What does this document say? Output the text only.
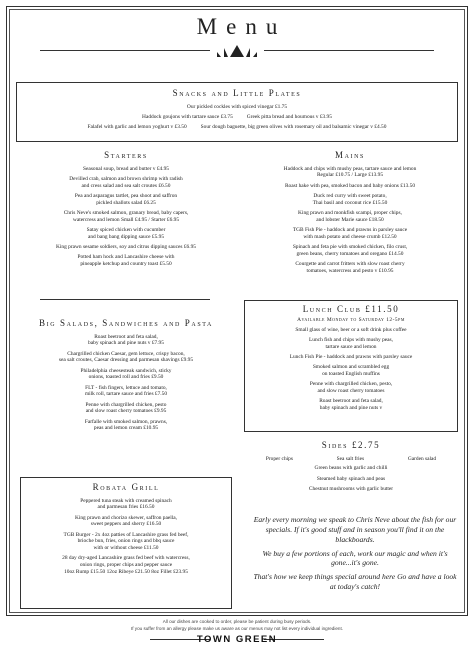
Menu
Snacks and Little Plates
Our pickled cockles with spiced vinegar £1.75
Haddock goujons with tartare sauce £3.75	Greek pitta bread and houmous v £3.95
Falafel with garlic and lemon yoghurt v £3.50	Sour dough baguette, big green olives with rosemary oil and balsamic vinegar v £4.50
Starters
Seasonal soup, bread and butter v £4.95
Devilled crab, salmon and brown shrimp with radish
and cress salad and sea salt croutes £6.50
Pea and asparagus tartlet, pea shoot and saffron
pickled shallots salad £6.25
Chris Neve's smoked salmon, granary bread, baby capers,
watercress and lemon Small £4.95 / Starter £6.95
Satay spiced chicken with cucumber
and bang bang dipping sauce £5.95
King prawn sesame soldiers, soy and citrus dipping sauces £6.95
Potted ham hock and Lancashire cheese with
pineapple ketchup and country toast £5.50
Big Salads, Sandwiches and Pasta
Roast beetroot and feta salad,
baby spinach and pine nuts v £7.95
Chargrilled chicken Caesar, gem lettuce, crispy bacon,
sea salt croutes, Caesar dressing and parmesan shavings £9.95
Philadelphia cheesesteak sandwich, sticky
onions, toasted roll and fries £9.50
FLT - fish fingers, lettuce and tomato,
milk roll, tartare sauce and fries £7.50
Penne with chargrilled chicken, pesto
and slow roast cherry tomatoes £9.95
Farfalle with smoked salmon, prawns,
peas and lemon cream £10.95
Robata Grill
Peppered tuna steak with creamed spinach
and parmesan fries £16.50
King prawn and chorizo skewer, saffron paella,
sweet peppers and sherry £16.50
TGB Burger - 2x 4oz patties of Lancashire grass fed beef,
brioche bun, fries, onion rings and bbq sauce
with or without cheese £11.50
28 day dry-aged Lancashire grass fed beef with watercress,
onion rings, proper chips and pepper sauce
10oz Rump £15.50 12oz Ribeye £21.50 8oz Fillet £23.95
Mains
Haddock and chips with mushy peas, tartare sauce and lemon
Regular £10.75 / Large £13.95
Roast hake with pea, smoked bacon and baby onions £13.50
Duck red curry with sweet potato,
Thai basil and coconut rice £15.50
King prawn and monkfish scampi, proper chips,
and lobster Marie sauce £18.50
TGB Fish Pie - haddock and prawns in parsley sauce
with mash potato and cheese crumb £12.50
Spinach and feta pie with smoked chicken, filo crust,
green beans, cherry tomatoes and oregano £14.50
Courgette and carrot fritters with slow roast cherry
tomatoes, watercress and pesto v £10.95
Lunch Club £11.50
Available Monday to Saturday 12-5pm
Small glass of wine, beer or a soft drink plus coffee
Lunch fish and chips with mushy peas,
tartare sauce and lemon
Lunch Fish Pie - haddock and prawns with parsley sauce
Smoked salmon and scrambled egg
on toasted English muffins
Penne with chargrilled chicken, pesto,
and slow roast cherry tomatoes
Roast beetroot and feta salad,
baby spinach and pine nuts v
Sides £2.75
Proper chips	Sea salt fries	Garden salad
Green beans with garlic and chilli
Steamed baby spinach and peas
Chestnut mushrooms with garlic butter

Early every morning we speak to Chris Neve about the fish for our specials. If it's good stuff and in season you'll find it on the blackboards.

We buy a few portions of each, work our magic and when it's gone...it's gone.

That's how we keep things special around here Go and have a look at today's catch!

All our dishes are cooked to order, please be patient during busy periods.
If you suffer from an allergy please make us aware as our menus may not list every individual ingredient.
TOWN GREEN
